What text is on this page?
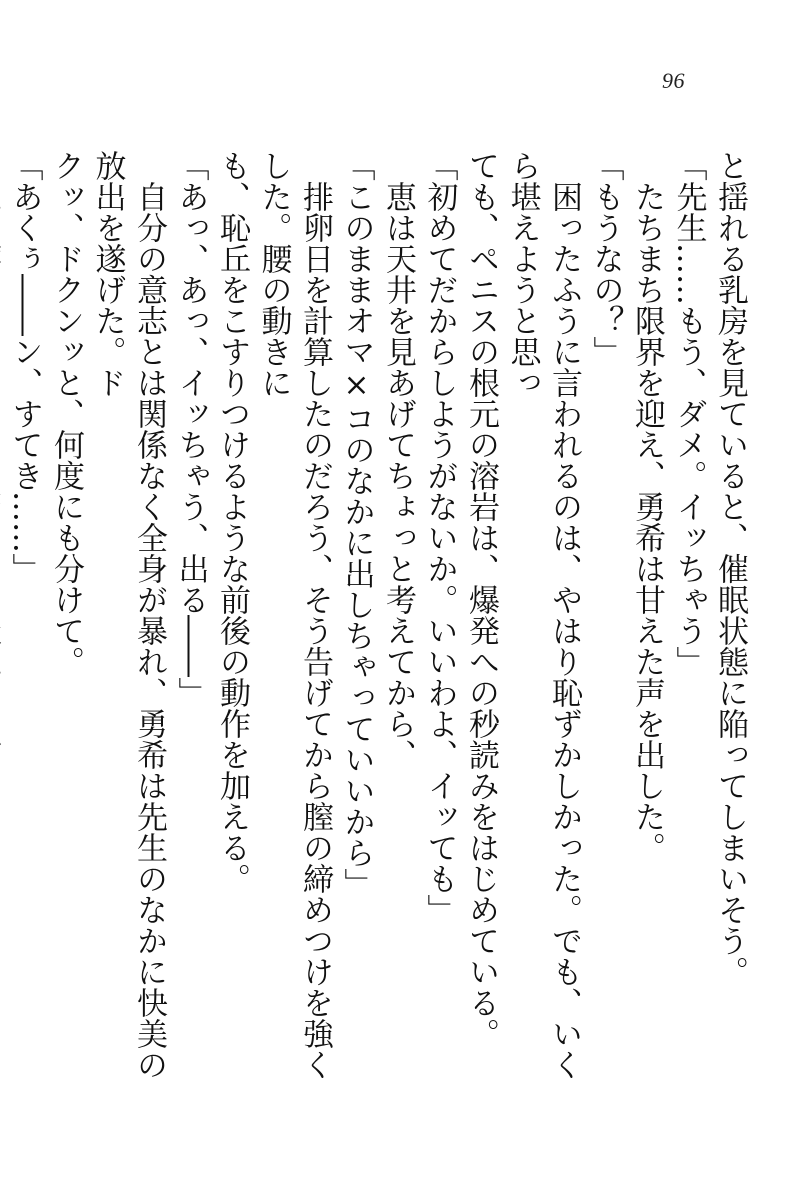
96

と揺れる乳房を見ていると、催眠状態に陥ってしまいそう。

「先生……もう、ダメ。イッちゃう」

　たちまち限界を迎え、勇希は甘えた声を出した。

「もうなの？」

　困ったふうに言われるのは、やはり恥ずかしかった。でも、いくら堪えようと思っ

ても、ペニスの根元の溶岩は、爆発への秒読みをはじめている。

「初めてだからしようがないか。いいわよ、イッても」

　恵は天井を見あげてちょっと考えてから、

「このままオマ×コのなかに出しちゃっていいから」

　排卵日を計算したのだろう、そう告げてから膣の締めつけを強くした。腰の動きに

も、恥丘をこすりつけるような前後の動作を加える。

「あっ、あっ、イッちゃう、出る――」

　自分の意志とは関係なく全身が暴れ、勇希は先生のなかに快美の放出を遂げた。ド

クッ、ドクンッと、何度にも分けて。

「あくぅ――ン、すてき……」
